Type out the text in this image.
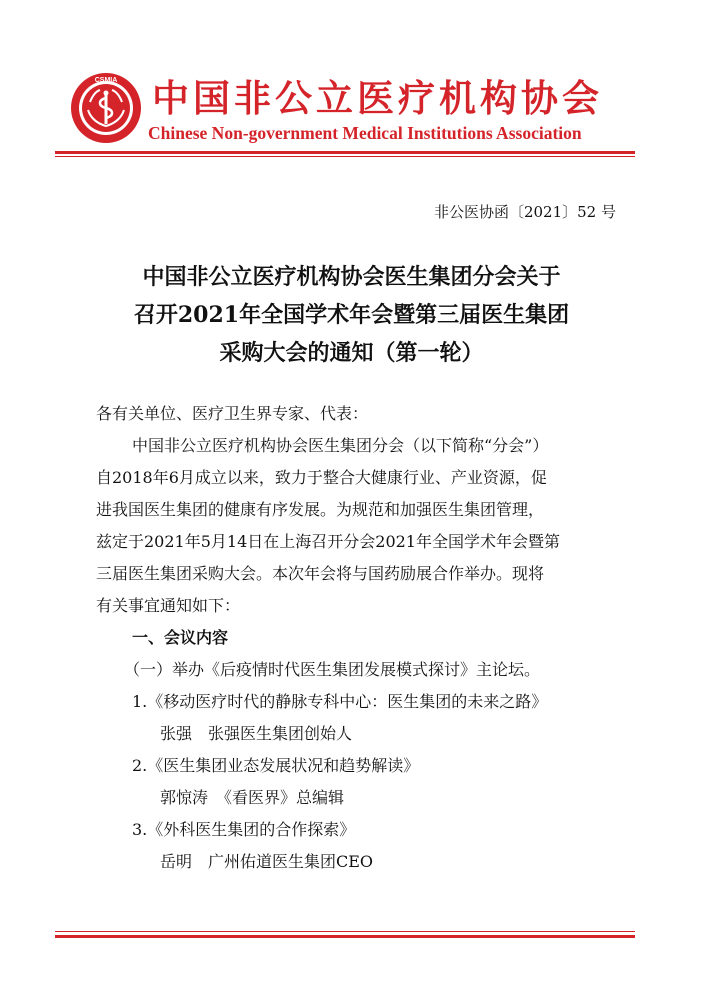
CSMIA 中国非公立医疗机构协会
Chinese Non-government Medical Institutions Association
非公医协函〔2021〕52 号
中国非公立医疗机构协会医生集团分会关于
召开2021年全国学术年会暨第三届医生集团
采购大会的通知（第一轮）

各有关单位、医疗卫生界专家、代表：

中国非公立医疗机构协会医生集团分会（以下简称“分会”）

自2018年6月成立以来，致力于整合大健康行业、产业资源，促

进我国医生集团的健康有序发展。为规范和加强医生集团管理，

兹定于2021年5月14日在上海召开分会2021年全国学术年会暨第

三届医生集团采购大会。本次年会将与国药励展合作举办。现将

有关事宜通知如下：

一、会议内容

（一）举办《后疫情时代医生集团发展模式探讨》主论坛。

1.《移动医疗时代的静脉专科中心：医生集团的未来之路》

张强　张强医生集团创始人

2.《医生集团业态发展状况和趋势解读》

郭惊涛　《看医界》总编辑

3.《外科医生集团的合作探索》

岳明　广州佑道医生集团CEO
